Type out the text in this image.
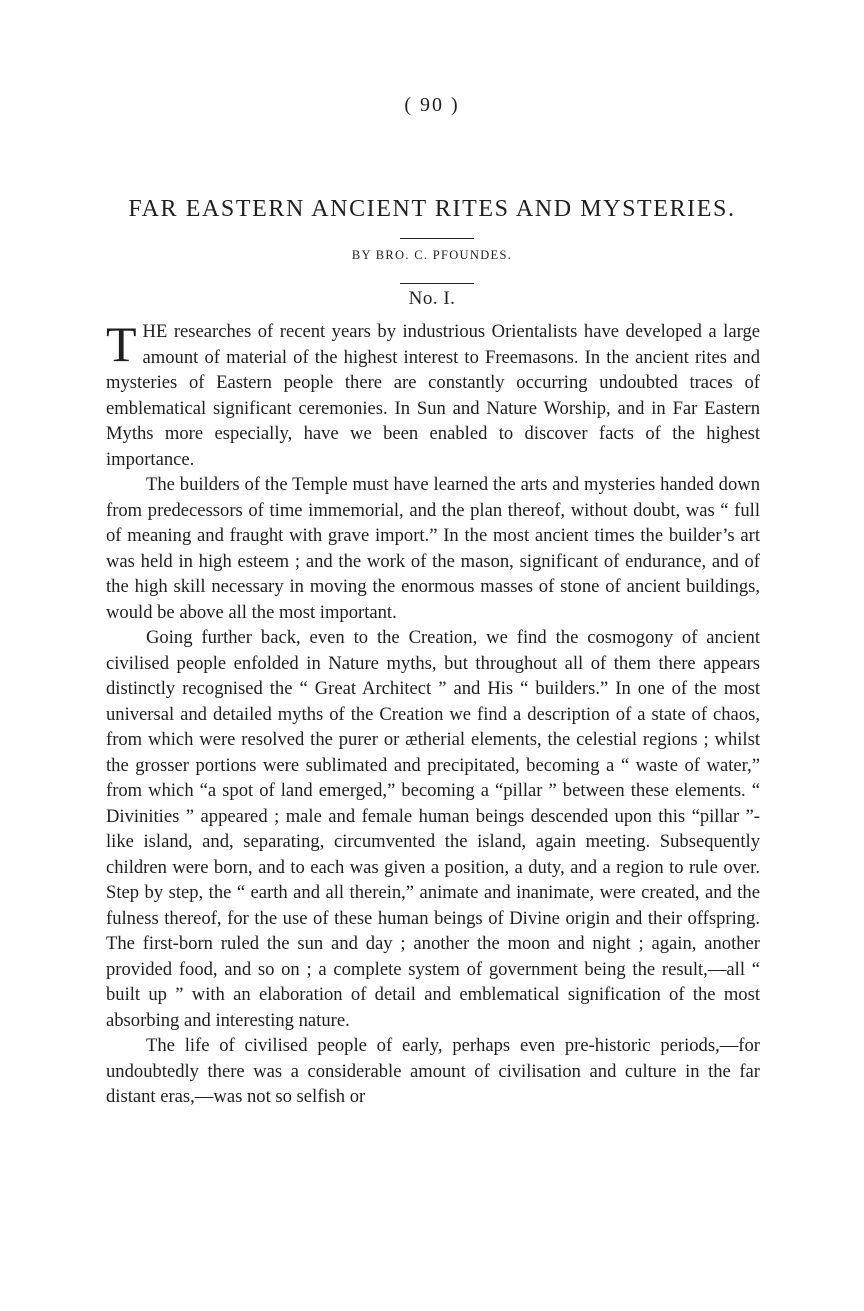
( 90 )
FAR EASTERN ANCIENT RITES AND MYSTERIES.
BY BRO. C. PFOUNDES.
No. I.

THE researches of recent years by industrious Orientalists have developed a large amount of material of the highest interest to Freemasons. In the ancient rites and mysteries of Eastern people there are constantly occurring undoubted traces of emblematical significant ceremonies. In Sun and Nature Worship, and in Far Eastern Myths more especially, have we been enabled to discover facts of the highest importance.

The builders of the Temple must have learned the arts and mysteries handed down from predecessors of time immemorial, and the plan thereof, without doubt, was “ full of meaning and fraught with grave import.” In the most ancient times the builder’s art was held in high esteem ; and the work of the mason, significant of endurance, and of the high skill necessary in moving the enormous masses of stone of ancient buildings, would be above all the most important.

Going further back, even to the Creation, we find the cosmogony of ancient civilised people enfolded in Nature myths, but throughout all of them there appears distinctly recognised the “ Great Architect ” and His “ builders.” In one of the most universal and detailed myths of the Creation we find a description of a state of chaos, from which were resolved the purer or ætherial elements, the celestial regions ; whilst the grosser portions were sublimated and precipitated, becoming a “ waste of water,” from which “a spot of land emerged,” becoming a “pillar ” between these elements. “ Divinities ” appeared ; male and female human beings descended upon this “pillar ”-like island, and, separating, circumvented the island, again meeting. Subsequently children were born, and to each was given a position, a duty, and a region to rule over. Step by step, the “ earth and all therein,” animate and inanimate, were created, and the fulness thereof, for the use of these human beings of Divine origin and their offspring. The first-born ruled the sun and day ; another the moon and night ; again, another provided food, and so on ; a complete system of government being the result,—all “ built up ” with an elaboration of detail and emblematical signification of the most absorbing and interesting nature.

The life of civilised people of early, perhaps even pre-historic periods,—for undoubtedly there was a considerable amount of civilisation and culture in the far distant eras,—was not so selfish or
